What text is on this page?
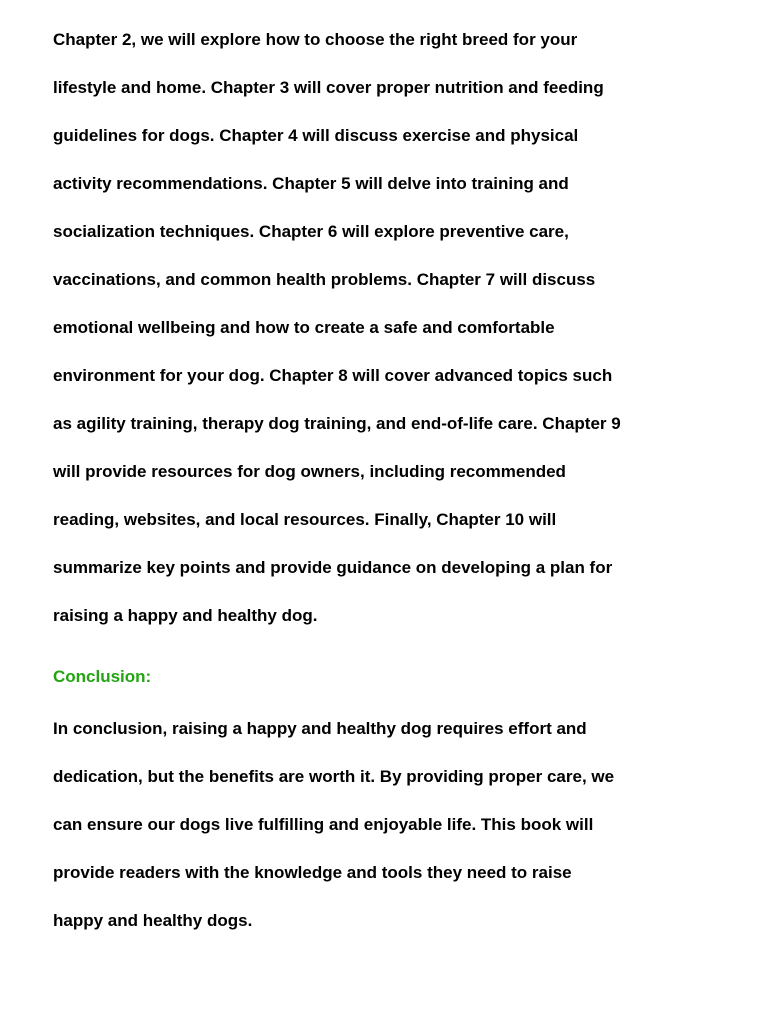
Chapter 2, we will explore how to choose the right breed for your
lifestyle and home. Chapter 3 will cover proper nutrition and feeding
guidelines for dogs. Chapter 4 will discuss exercise and physical
activity recommendations. Chapter 5 will delve into training and
socialization techniques. Chapter 6 will explore preventive care,
vaccinations, and common health problems. Chapter 7 will discuss
emotional wellbeing and how to create a safe and comfortable
environment for your dog. Chapter 8 will cover advanced topics such
as agility training, therapy dog training, and end-of-life care. Chapter 9
will provide resources for dog owners, including recommended
reading, websites, and local resources. Finally, Chapter 10 will
summarize key points and provide guidance on developing a plan for
raising a happy and healthy dog.
Conclusion:
In conclusion, raising a happy and healthy dog requires effort and
dedication, but the benefits are worth it. By providing proper care, we
can ensure our dogs live fulfilling and enjoyable life. This book will
provide readers with the knowledge and tools they need to raise
happy and healthy dogs.
